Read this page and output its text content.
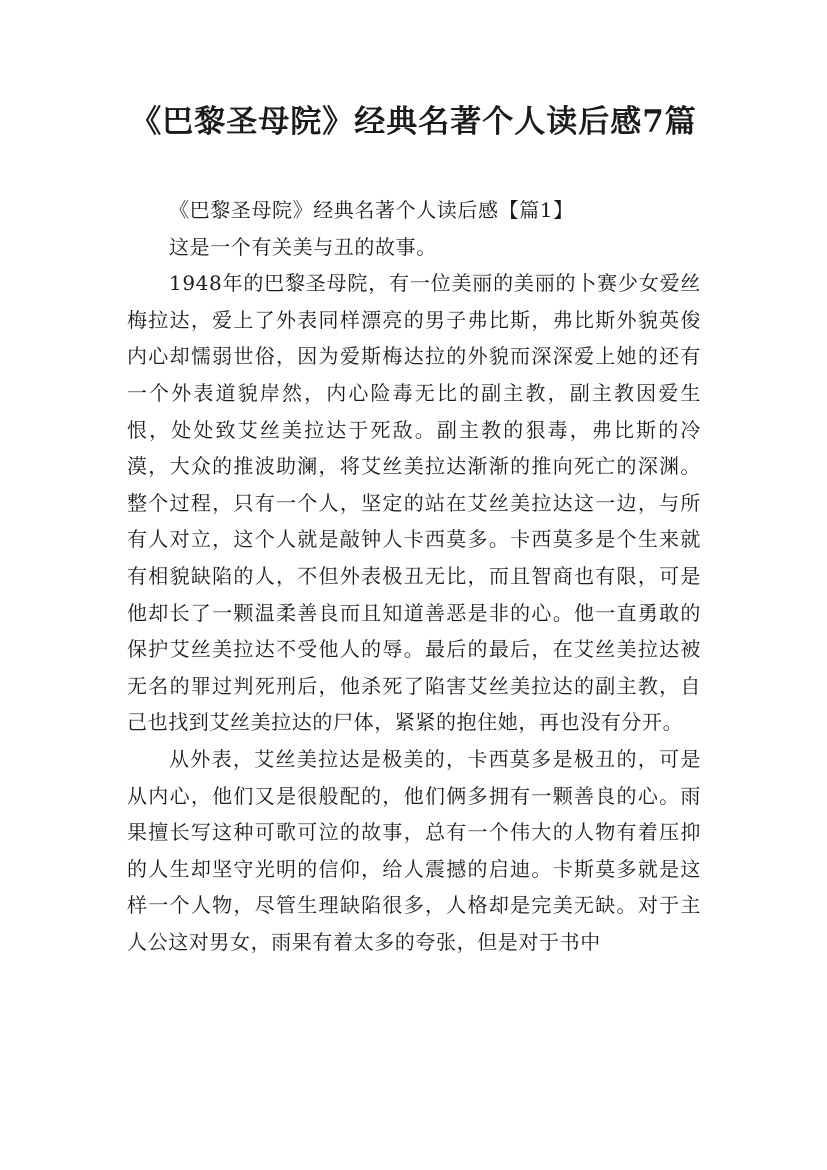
《巴黎圣母院》经典名著个人读后感7篇

《巴黎圣母院》经典名著个人读后感【篇1】

这是一个有关美与丑的故事。

1948年的巴黎圣母院，有一位美丽的美丽的卜赛少女爱丝梅拉达，爱上了外表同样漂亮的男子弗比斯，弗比斯外貌英俊内心却懦弱世俗，因为爱斯梅达拉的外貌而深深爱上她的还有一个外表道貌岸然，内心险毒无比的副主教，副主教因爱生恨，处处致艾丝美拉达于死敌。副主教的狠毒，弗比斯的冷漠，大众的推波助澜，将艾丝美拉达渐渐的推向死亡的深渊。整个过程，只有一个人，坚定的站在艾丝美拉达这一边，与所有人对立，这个人就是敲钟人卡西莫多。卡西莫多是个生来就有相貌缺陷的人，不但外表极丑无比，而且智商也有限，可是他却长了一颗温柔善良而且知道善恶是非的心。他一直勇敢的保护艾丝美拉达不受他人的辱。最后的最后，在艾丝美拉达被无名的罪过判死刑后，他杀死了陷害艾丝美拉达的副主教，自己也找到艾丝美拉达的尸体，紧紧的抱住她，再也没有分开。

从外表，艾丝美拉达是极美的，卡西莫多是极丑的，可是从内心，他们又是很般配的，他们俩多拥有一颗善良的心。雨果擅长写这种可歌可泣的故事，总有一个伟大的人物有着压抑的人生却坚守光明的信仰，给人震撼的启迪。卡斯莫多就是这样一个人物，尽管生理缺陷很多，人格却是完美无缺。对于主人公这对男女，雨果有着太多的夸张，但是对于书中
